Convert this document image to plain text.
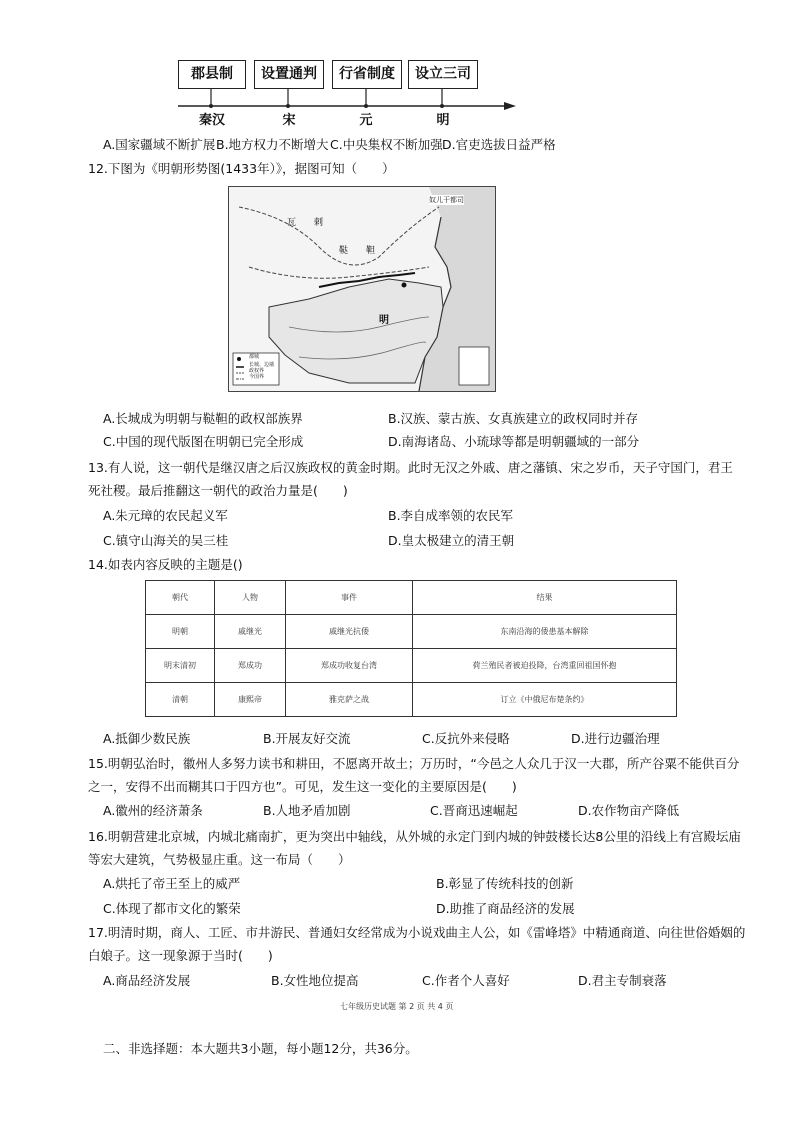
郡县制	设置通判	行省制度	设立三司
秦汉	宋	元	明
A.国家疆域不断扩展 B.地方权力不断增大 C.中央集权不断加强 D.官吏选拔日益严格
12.下图为《明朝形势图(1433年）》，据图可知（　　）
瓦　　剌
鞑　　靼
奴儿干都司
明
都城
长城、边墙
政权界
今国界
A.长城成为明朝与鞑靼的政权部族界	B.汉族、蒙古族、女真族建立的政权同时并存
C.中国的现代版图在明朝已完全形成	D.南海诸岛、小琉球等都是明朝疆域的一部分
13.有人说，这一朝代是继汉唐之后汉族政权的黄金时期。此时无汉之外戚、唐之藩镇、宋之岁币，天子守国门，君王
死社稷。最后推翻这一朝代的政治力量是(　　)
A.朱元璋的农民起义军	B.李自成率领的农民军
C.镇守山海关的吴三桂	D.皇太极建立的清王朝
14.如表内容反映的主题是()
朝代	人物	事件	结果
明朝	戚继光	戚继光抗倭	东南沿海的倭患基本解除
明末清初	郑成功	郑成功收复台湾	荷兰殖民者被迫投降，台湾重回祖国怀抱
清朝	康熙帝	雅克萨之战	订立《中俄尼布楚条约》
A.抵御少数民族	B.开展友好交流	C.反抗外来侵略	D.进行边疆治理
15.明朝弘治时，徽州人多努力读书和耕田，不愿离开故土；万历时，“今邑之人众几于汉一大郡，所产谷粟不能供百分
之一，安得不出而糊其口于四方也”。可见，发生这一变化的主要原因是(　　)
A.徽州的经济萧条	B.人地矛盾加剧	C.晋商迅速崛起	D.农作物亩产降低
16.明朝营建北京城，内城北痛南扩，更为突出中轴线，从外城的永定门到内城的钟鼓楼长达8公里的沿线上有宫殿坛庙
等宏大建筑，气势极显庄重。这一布局（　　）
A.烘托了帝王至上的威严	B.彰显了传统科技的创新
C.体现了都市文化的繁荣	D.助推了商品经济的发展
17.明清时期，商人、工匠、市井游民、普通妇女经常成为小说戏曲主人公，如《雷峰塔》中精通商道、向往世俗婚姻的
白娘子。这一现象源于当时(　　)
A.商品经济发展	B.女性地位提高	C.作者个人喜好	D.君主专制衰落
七年级历史试题 第 2 页 共 4 页
二、非选择题：本大题共3小题，每小题12分，共36分。
